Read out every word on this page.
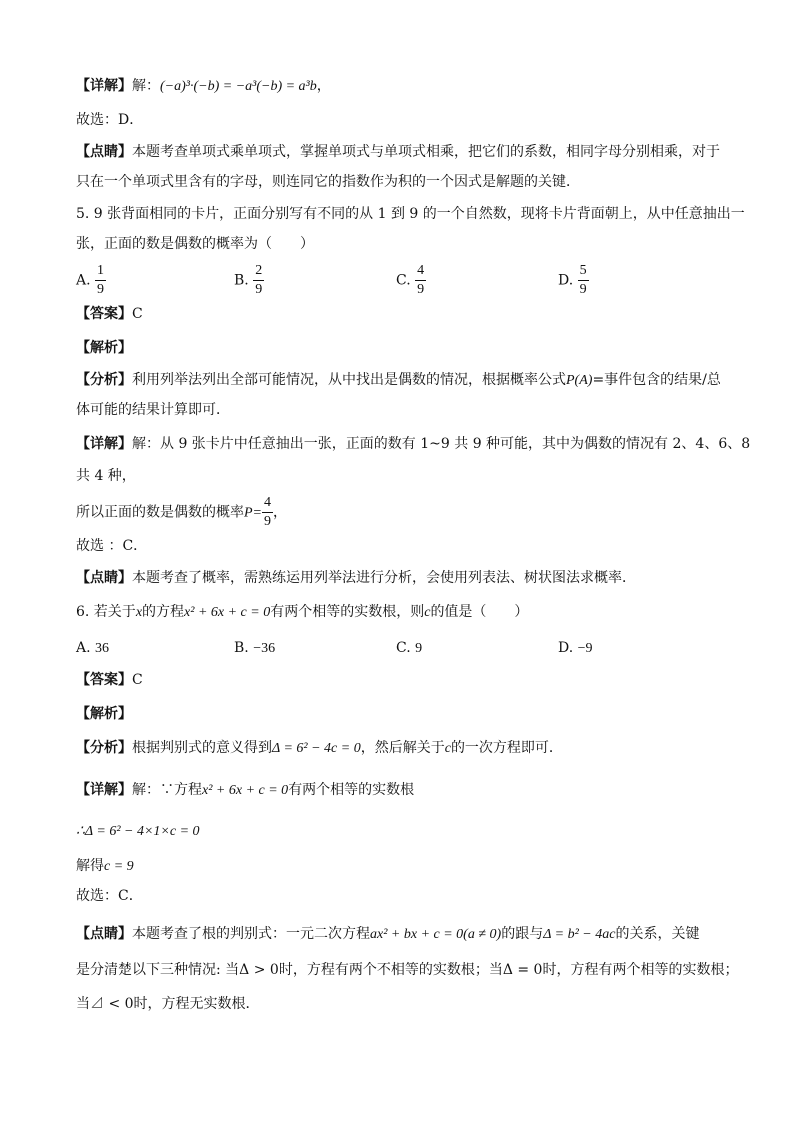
【详解】解：(−a)³·(−b) = −a³(−b) = a³b，
故选：D．
【点睛】本题考查单项式乘单项式，掌握单项式与单项式相乘，把它们的系数，相同字母分别相乘，对于
只在一个单项式里含有的字母，则连同它的指数作为积的一个因式是解题的关键．
5. 9 张背面相同的卡片，正面分别写有不同的从 1 到 9 的一个自然数，现将卡片背面朝上，从中任意抽出一
张，正面的数是偶数的概率为（　　）
A. $\frac{1}{9}$	B. $\frac{2}{9}$	C. $\frac{4}{9}$	D. $\frac{5}{9}$
【答案】C
【解析】
【分析】利用列举法列出全部可能情况，从中找出是偶数的情况，根据概率公式P(A)=事件包含的结果/总
体可能的结果计算即可．
【详解】解：从 9 张卡片中任意抽出一张，正面的数有 1~9 共 9 种可能，其中为偶数的情况有 2、4、6、8
共 4 种，
所以正面的数是偶数的概率$P= \frac{4}{9}$ ，
故选 ：C．
【点睛】本题考查了概率，需熟练运用列举法进行分析，会使用列表法、树状图法求概率．
6. 若关于x的方程x² + 6x + c = 0有两个相等的实数根，则c的值是（　　）
A. 36	B. −36	C. 9	D. −9
【答案】C
【解析】
【分析】根据判别式的意义得到Δ = 6² − 4c = 0，然后解关于c的一次方程即可．
【详解】解：∵方程x² + 6x + c = 0有两个相等的实数根
∴Δ = 6² − 4×1×c = 0
解得c = 9
故选：C．
【点睛】本题考查了根的判别式：一元二次方程ax² + bx + c = 0(a ≠ 0)的跟与Δ = b² − 4ac的关系，关键
是分清楚以下三种情况: 当Δ > 0时，方程有两个不相等的实数根；当Δ = 0时，方程有两个相等的实数根；
当⊿ < 0时，方程无实数根．
